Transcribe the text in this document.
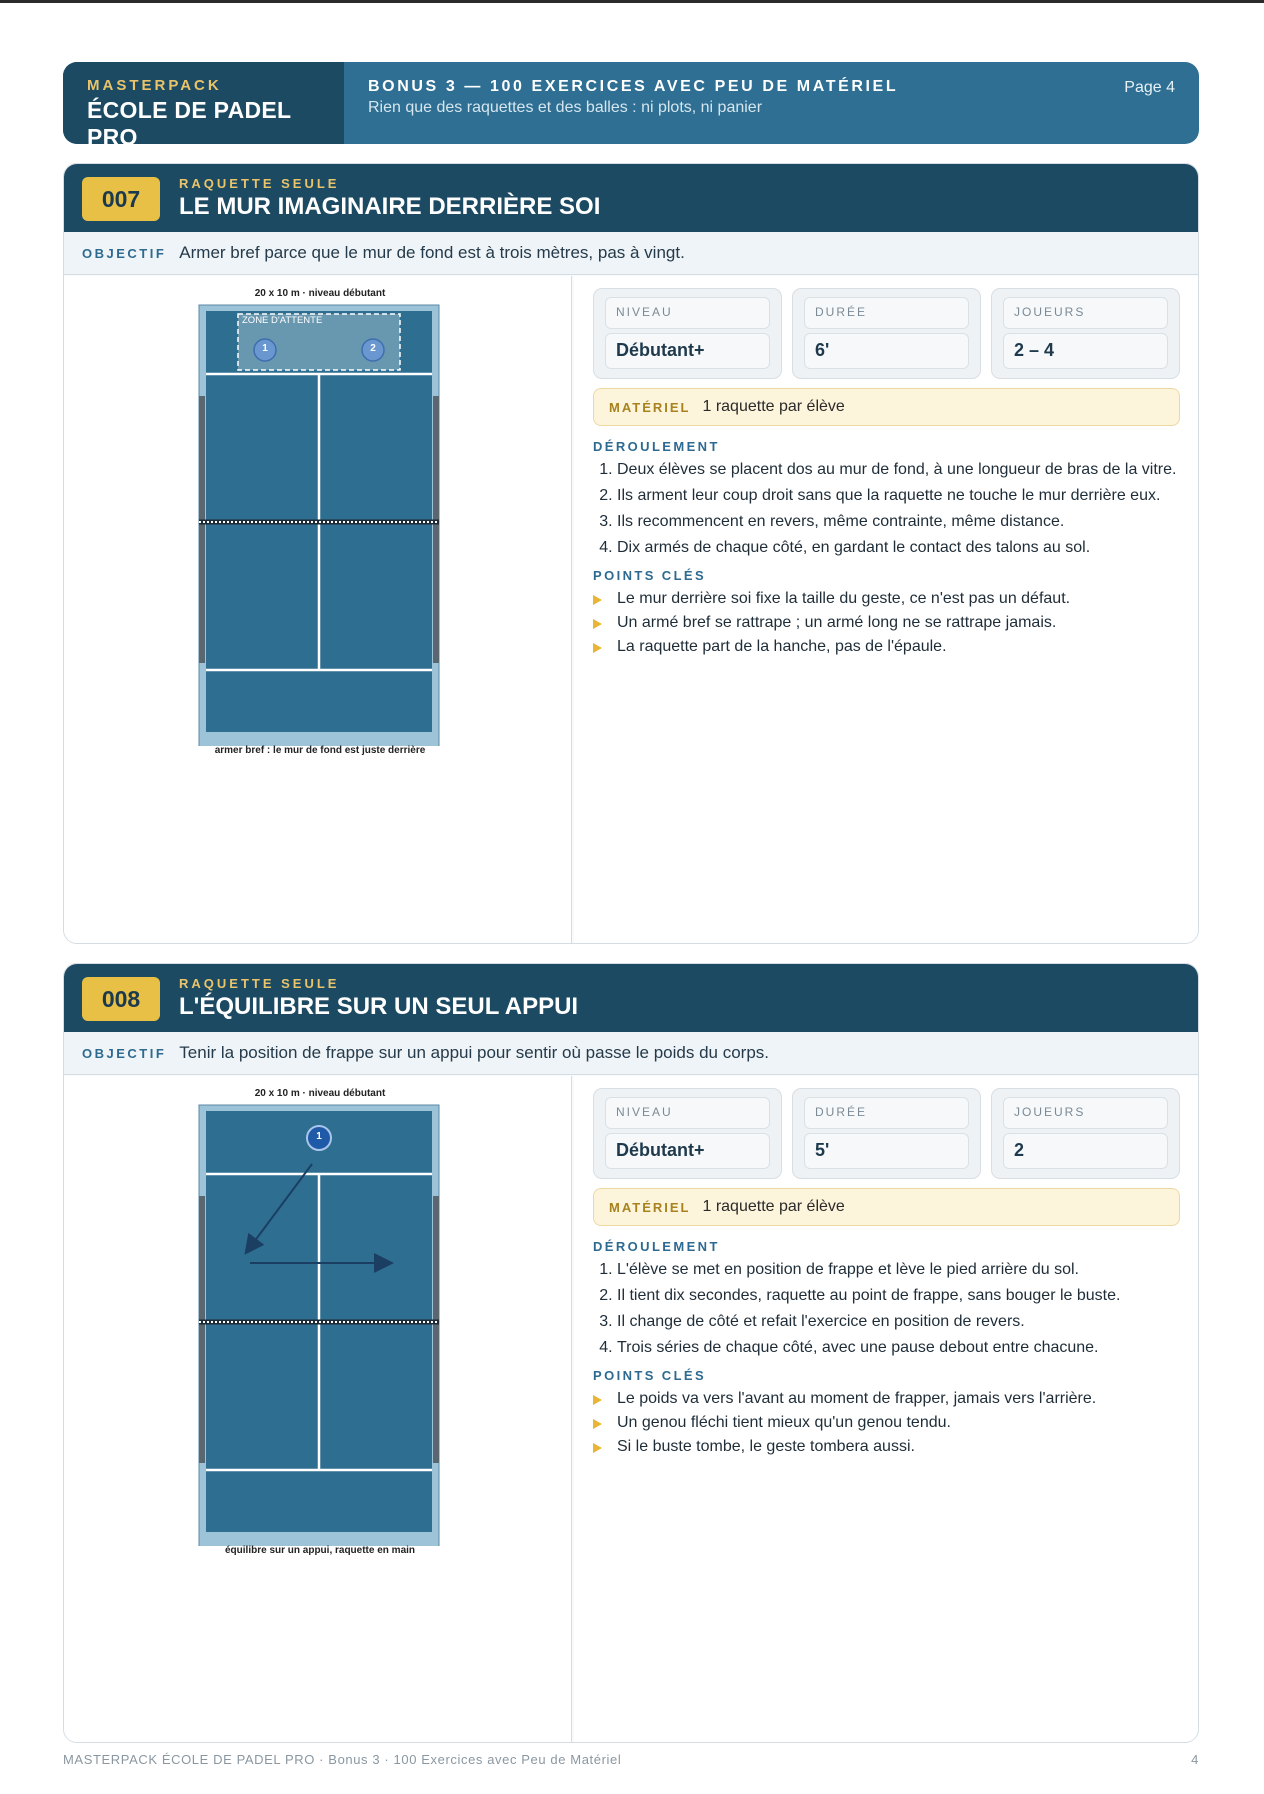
MASTERPACK
ÉCOLE DE PADEL PRO
BONUS 3 — 100 EXERCICES AVEC PEU DE MATÉRIEL
Rien que des raquettes et des balles : ni plots, ni panier
Page 4
007
RAQUETTE SEULE
LE MUR IMAGINAIRE DERRIÈRE SOI
OBJECTIF Armer bref parce que le mur de fond est à trois mètres, pas à vingt.
20 x 10 m · niveau débutant
ZONE D'ATTENTE
1	2
armer bref : le mur de fond est juste derrière
NIVEAU
Débutant+
DURÉE
6'
JOUEURS
2 – 4
MATÉRIEL 1 raquette par élève
DÉROULEMENT
1. Deux élèves se placent dos au mur de fond, à une longueur de bras de la vitre.
2. Ils arment leur coup droit sans que la raquette ne touche le mur derrière eux.
3. Ils recommencent en revers, même contrainte, même distance.
4. Dix armés de chaque côté, en gardant le contact des talons au sol.
POINTS CLÉS
Le mur derrière soi fixe la taille du geste, ce n'est pas un défaut.
Un armé bref se rattrape ; un armé long ne se rattrape jamais.
La raquette part de la hanche, pas de l'épaule.
008
RAQUETTE SEULE
L'ÉQUILIBRE SUR UN SEUL APPUI
OBJECTIF Tenir la position de frappe sur un appui pour sentir où passe le poids du corps.
20 x 10 m · niveau débutant
1
équilibre sur un appui, raquette en main
NIVEAU
Débutant+
DURÉE
5'
JOUEURS
2
MATÉRIEL 1 raquette par élève
DÉROULEMENT
1. L'élève se met en position de frappe et lève le pied arrière du sol.
2. Il tient dix secondes, raquette au point de frappe, sans bouger le buste.
3. Il change de côté et refait l'exercice en position de revers.
4. Trois séries de chaque côté, avec une pause debout entre chacune.
POINTS CLÉS
Le poids va vers l'avant au moment de frapper, jamais vers l'arrière.
Un genou fléchi tient mieux qu'un genou tendu.
Si le buste tombe, le geste tombera aussi.
MASTERPACK ÉCOLE DE PADEL PRO · Bonus 3 · 100 Exercices avec Peu de Matériel	4
